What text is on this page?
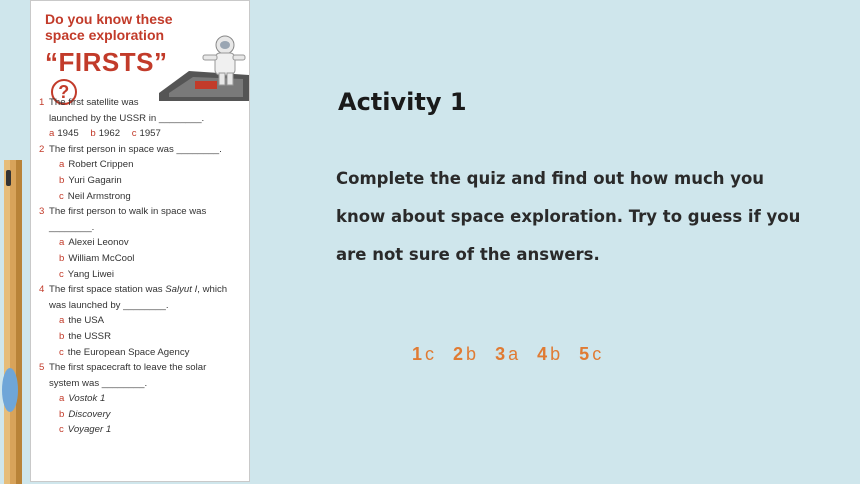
Do you know these
space exploration
“FIRSTS”?
1 The first satellite was
launched by the USSR in ________.
a 1945 b 1962 c 1957
2 The first person in space was ________.
a Robert Crippen
b Yuri Gagarin
c Neil Armstrong
3 The first person to walk in space was
________.
a Alexei Leonov
b William McCool
c Yang Liwei
4 The first space station was Salyut I, which
was launched by ________.
a the USA
b the USSR
c the European Space Agency
5 The first spacecraft to leave the solar
system was ________.
a Vostok 1
b Discovery
c Voyager 1
Activity 1
Complete the quiz and find out how much you know about space exploration. Try to guess if you are not sure of the answers.
1 c 2 b 3 a 4 b 5 c
